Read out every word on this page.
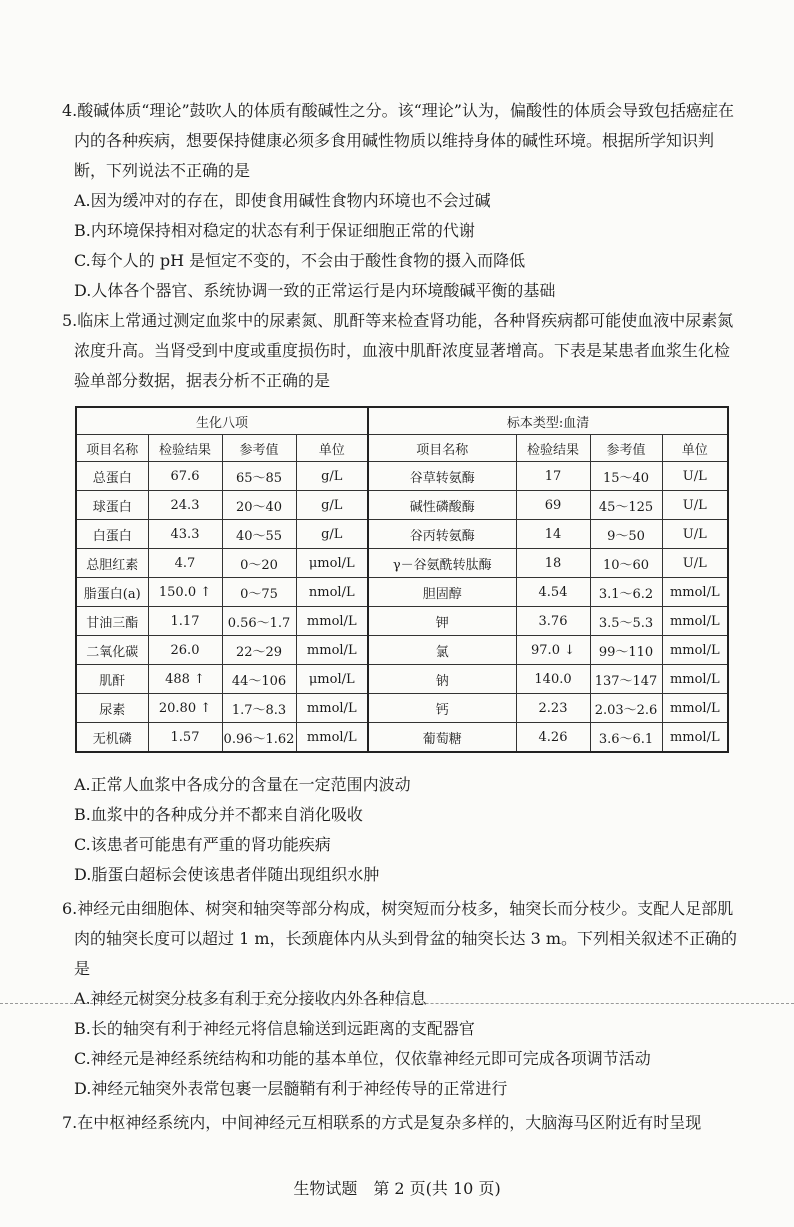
4.酸碱体质“理论”鼓吹人的体质有酸碱性之分。该“理论”认为，偏酸性的体质会导致包括癌症在内的各种疾病，想要保持健康必须多食用碱性物质以维持身体的碱性环境。根据所学知识判断，下列说法不正确的是

A.因为缓冲对的存在，即使食用碱性食物内环境也不会过碱

B.内环境保持相对稳定的状态有利于保证细胞正常的代谢

C.每个人的 pH 是恒定不变的，不会由于酸性食物的摄入而降低

D.人体各个器官、系统协调一致的正常运行是内环境酸碱平衡的基础

5.临床上常通过测定血浆中的尿素氮、肌酐等来检查肾功能，各种肾疾病都可能使血液中尿素氮浓度升高。当肾受到中度或重度损伤时，血液中肌酐浓度显著增高。下表是某患者血浆生化检验单部分数据，据表分析不正确的是

生化八项				标本类型:血清			
项目名称	检验结果	参考值	单位	项目名称	检验结果	参考值	单位
总蛋白	67.6	65～85	g/L	谷草转氨酶	17	15～40	U/L
球蛋白	24.3	20～40	g/L	碱性磷酸酶	69	45～125	U/L
白蛋白	43.3	40～55	g/L	谷丙转氨酶	14	9～50	U/L
总胆红素	4.7	0～20	μmol/L	γ－谷氨酰转肽酶	18	10～60	U/L
脂蛋白(a)	150.0 ↑	0～75	nmol/L	胆固醇	4.54	3.1～6.2	mmol/L
甘油三酯	1.17	0.56～1.7	mmol/L	钾	3.76	3.5～5.3	mmol/L
二氧化碳	26.0	22～29	mmol/L	氯	97.0 ↓	99～110	mmol/L
肌酐	488 ↑	44～106	μmol/L	钠	140.0	137～147	mmol/L
尿素	20.80 ↑	1.7～8.3	mmol/L	钙	2.23	2.03～2.6	mmol/L
无机磷	1.57	0.96～1.62	mmol/L	葡萄糖	4.26	3.6～6.1	mmol/L

A.正常人血浆中各成分的含量在一定范围内波动

B.血浆中的各种成分并不都来自消化吸收

C.该患者可能患有严重的肾功能疾病

D.脂蛋白超标会使该患者伴随出现组织水肿

6.神经元由细胞体、树突和轴突等部分构成，树突短而分枝多，轴突长而分枝少。支配人足部肌肉的轴突长度可以超过 1 m，长颈鹿体内从头到骨盆的轴突长达 3 m。下列相关叙述不正确的是

A.神经元树突分枝多有利于充分接收内外各种信息

B.长的轴突有利于神经元将信息输送到远距离的支配器官

C.神经元是神经系统结构和功能的基本单位，仅依靠神经元即可完成各项调节活动

D.神经元轴突外表常包裹一层髓鞘有利于神经传导的正常进行

7.在中枢神经系统内，中间神经元互相联系的方式是复杂多样的，大脑海马区附近有时呈现

生物试题　第 2 页(共 10 页)
